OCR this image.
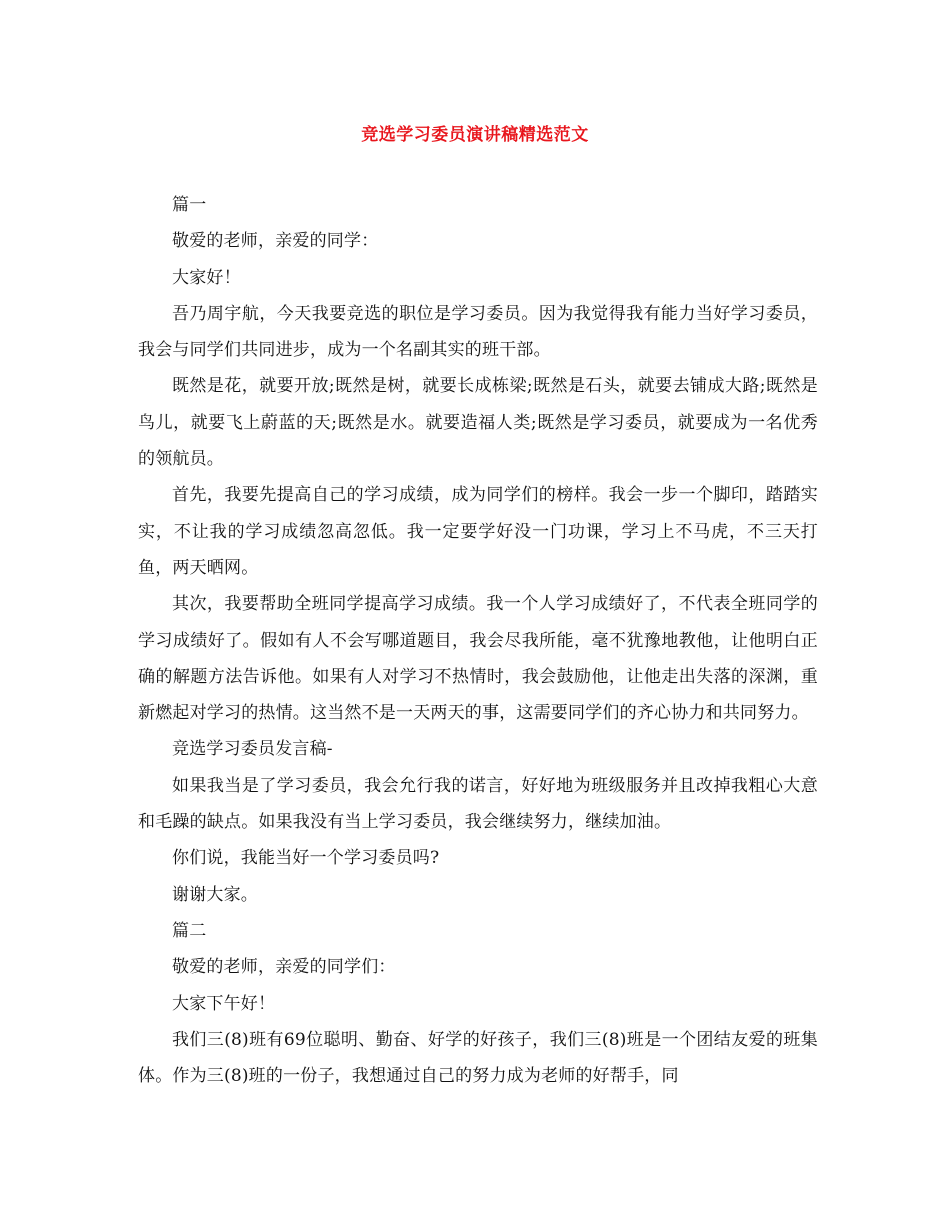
竞选学习委员演讲稿精选范文

篇一

敬爱的老师，亲爱的同学：

大家好！

吾乃周宇航，今天我要竞选的职位是学习委员。因为我觉得我有能力当好学习委员，我会与同学们共同进步，成为一个名副其实的班干部。

既然是花，就要开放;既然是树，就要长成栋梁;既然是石头，就要去铺成大路;既然是鸟儿，就要飞上蔚蓝的天;既然是水。就要造福人类;既然是学习委员，就要成为一名优秀的领航员。

首先，我要先提高自己的学习成绩，成为同学们的榜样。我会一步一个脚印，踏踏实实，不让我的学习成绩忽高忽低。我一定要学好没一门功课，学习上不马虎，不三天打鱼，两天晒网。

其次，我要帮助全班同学提高学习成绩。我一个人学习成绩好了，不代表全班同学的学习成绩好了。假如有人不会写哪道题目，我会尽我所能，毫不犹豫地教他，让他明白正确的解题方法告诉他。如果有人对学习不热情时，我会鼓励他，让他走出失落的深渊，重新燃起对学习的热情。这当然不是一天两天的事，这需要同学们的齐心协力和共同努力。

竞选学习委员发言稿-

如果我当是了学习委员，我会允行我的诺言，好好地为班级服务并且改掉我粗心大意和毛躁的缺点。如果我没有当上学习委员，我会继续努力，继续加油。

你们说，我能当好一个学习委员吗?

谢谢大家。

篇二

敬爱的老师，亲爱的同学们：

大家下午好！

我们三(8)班有69位聪明、勤奋、好学的好孩子，我们三(8)班是一个团结友爱的班集体。作为三(8)班的一份子，我想通过自己的努力成为老师的好帮手，同
